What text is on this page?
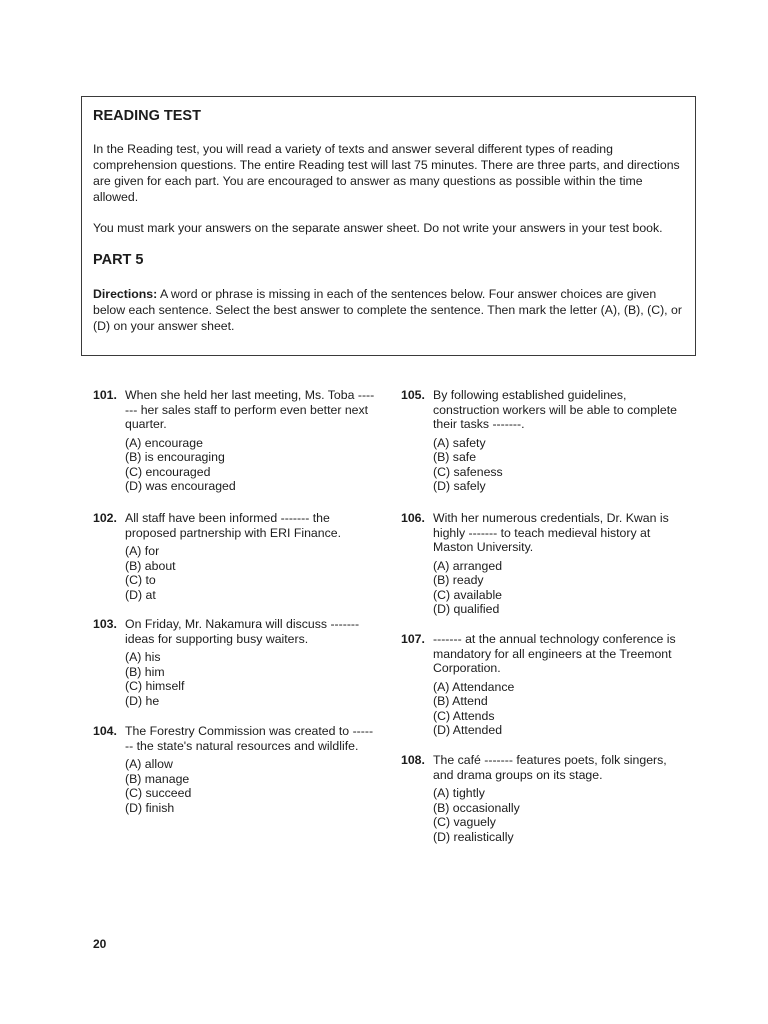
READING TEST

In the Reading test, you will read a variety of texts and answer several different types of reading comprehension questions. The entire Reading test will last 75 minutes. There are three parts, and directions are given for each part. You are encouraged to answer as many questions as possible within the time allowed.

You must mark your answers on the separate answer sheet. Do not write your answers in your test book.

PART 5

Directions: A word or phrase is missing in each of the sentences below. Four answer choices are given below each sentence. Select the best answer to complete the sentence. Then mark the letter (A), (B), (C), or (D) on your answer sheet.

101. When she held her last meeting, Ms. Toba ------- her sales staff to perform even better next quarter.
(A) encourage
(B) is encouraging
(C) encouraged
(D) was encouraged
102. All staff have been informed ------- the proposed partnership with ERI Finance.
(A) for
(B) about
(C) to
(D) at
103. On Friday, Mr. Nakamura will discuss ------- ideas for supporting busy waiters.
(A) his
(B) him
(C) himself
(D) he
104. The Forestry Commission was created to ------- the state's natural resources and wildlife.
(A) allow
(B) manage
(C) succeed
(D) finish
105. By following established guidelines, construction workers will be able to complete their tasks -------.
(A) safety
(B) safe
(C) safeness
(D) safely
106. With her numerous credentials, Dr. Kwan is highly ------- to teach medieval history at Maston University.
(A) arranged
(B) ready
(C) available
(D) qualified
107. ------- at the annual technology conference is mandatory for all engineers at the Treemont Corporation.
(A) Attendance
(B) Attend
(C) Attends
(D) Attended
108. The café ------- features poets, folk singers, and drama groups on its stage.
(A) tightly
(B) occasionally
(C) vaguely
(D) realistically
20
